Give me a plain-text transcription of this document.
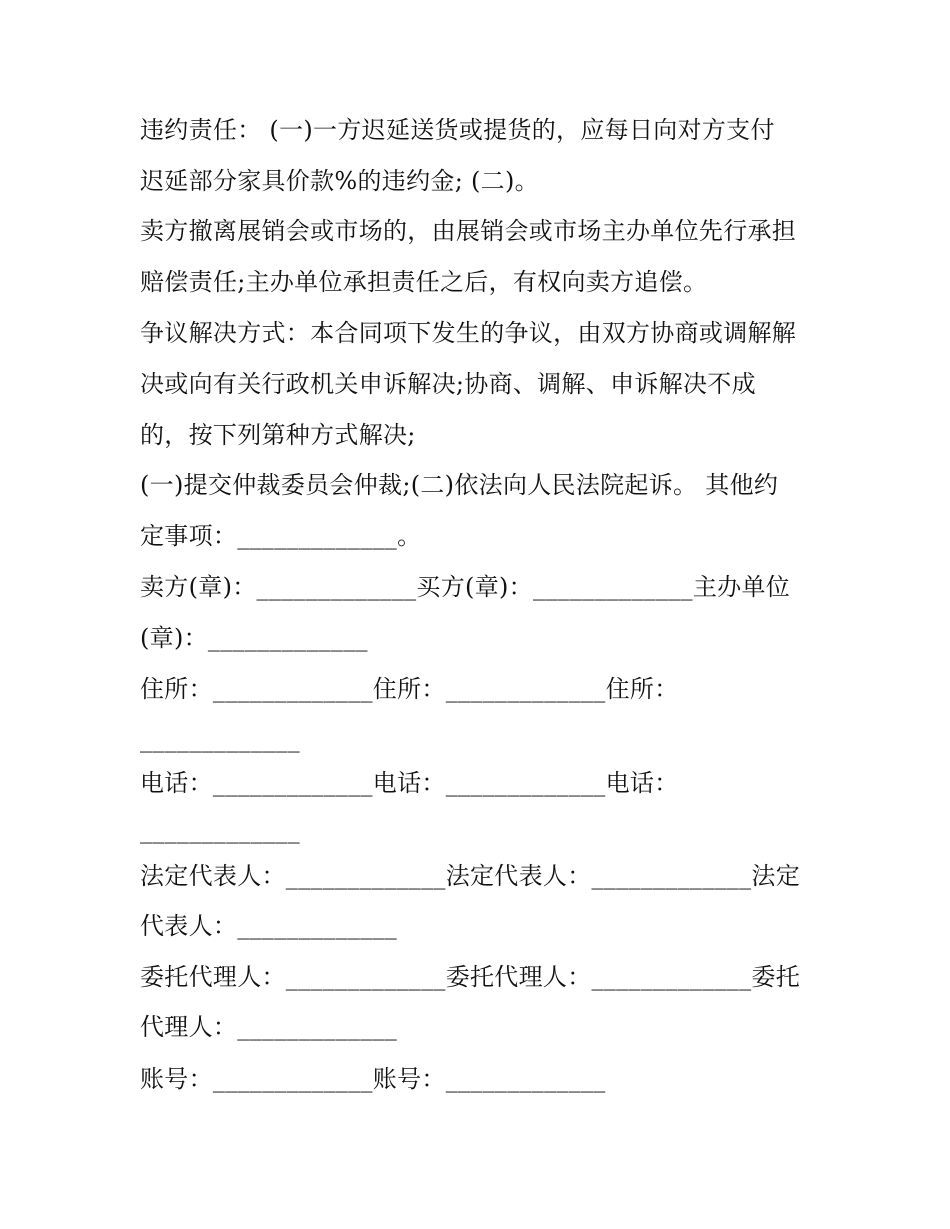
违约责任： (一)一方迟延送货或提货的，应每日向对方支付
迟延部分家具价款%的违约金; (二)。
卖方撤离展销会或市场的，由展销会或市场主办单位先行承担
赔偿责任;主办单位承担责任之后，有权向卖方追偿。
争议解决方式：本合同项下发生的争议，由双方协商或调解解
决或向有关行政机关申诉解决;协商、调解、申诉解决不成
的，按下列第种方式解决;
(一)提交仲裁委员会仲裁;(二)依法向人民法院起诉。 其他约
定事项：_____________。
卖方(章)：_____________买方(章)：_____________主办单位
(章)：_____________
住所：_____________住所：_____________住所：
_____________
电话：_____________电话：_____________电话：
_____________
法定代表人：_____________法定代表人：_____________法定
代表人：_____________
委托代理人：_____________委托代理人：_____________委托
代理人：_____________
账号：_____________账号：_____________
